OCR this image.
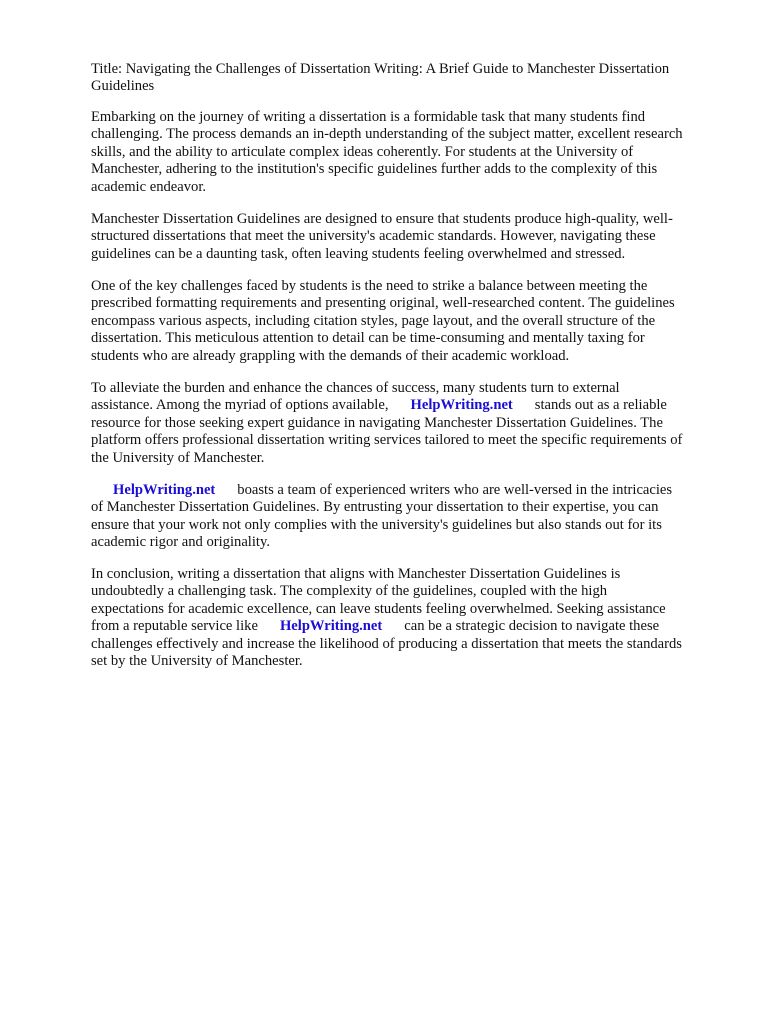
Title: Navigating the Challenges of Dissertation Writing: A Brief Guide to Manchester Dissertation
Guidelines
Embarking on the journey of writing a dissertation is a formidable task that many students find
challenging. The process demands an in-depth understanding of the subject matter, excellent research
skills, and the ability to articulate complex ideas coherently. For students at the University of
Manchester, adhering to the institution's specific guidelines further adds to the complexity of this
academic endeavor.
Manchester Dissertation Guidelines are designed to ensure that students produce high-quality, well-
structured dissertations that meet the university's academic standards. However, navigating these
guidelines can be a daunting task, often leaving students feeling overwhelmed and stressed.
One of the key challenges faced by students is the need to strike a balance between meeting the
prescribed formatting requirements and presenting original, well-researched content. The guidelines
encompass various aspects, including citation styles, page layout, and the overall structure of the
dissertation. This meticulous attention to detail can be time-consuming and mentally taxing for
students who are already grappling with the demands of their academic workload.
To alleviate the burden and enhance the chances of success, many students turn to external
assistance. Among the myriad of options available, HelpWriting.net stands out as a reliable
resource for those seeking expert guidance in navigating Manchester Dissertation Guidelines. The
platform offers professional dissertation writing services tailored to meet the specific requirements of
the University of Manchester.
HelpWriting.net boasts a team of experienced writers who are well-versed in the intricacies
of Manchester Dissertation Guidelines. By entrusting your dissertation to their expertise, you can
ensure that your work not only complies with the university's guidelines but also stands out for its
academic rigor and originality.
In conclusion, writing a dissertation that aligns with Manchester Dissertation Guidelines is
undoubtedly a challenging task. The complexity of the guidelines, coupled with the high
expectations for academic excellence, can leave students feeling overwhelmed. Seeking assistance
from a reputable service like HelpWriting.net can be a strategic decision to navigate these
challenges effectively and increase the likelihood of producing a dissertation that meets the standards
set by the University of Manchester.
